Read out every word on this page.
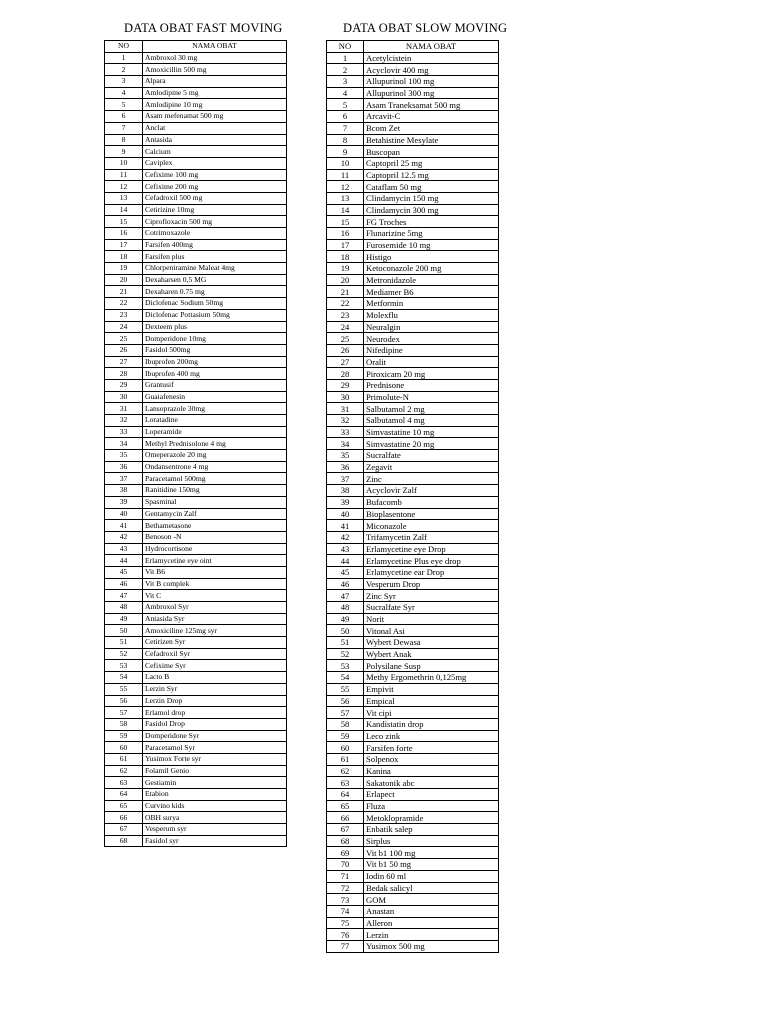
DATA OBAT FAST MOVING	DATA OBAT SLOW MOVING
NO	NAMA OBAT
1	Ambroxol 30 mg
2	Amoxicillin 500 mg
3	Alpara
4	Amlodipine 5 mg
5	Amlodipine 10 mg
6	Asam mefenamat 500 mg
7	Anclat
8	Antasida
9	Calcium
10	Caviplex
11	Cefixime 100 mg
12	Cefixime 200 mg
13	Cefadroxil 500 mg
14	Cetirizine 10mg
15	Ciprofloxacin 500 mg
16	Cotrimoxazole
17	Farsifen 400mg
18	Farsifen plus
19	Chlorpeniramine Maleat 4mg
20	Dexaharsen 0,5 MG
21	Dexaharen 0.75 mg
22	Diclofenac Sodium 50mg
23	Diclofenac Pottasium 50mg
24	Dexteem plus
25	Domperidone 10mg
26	Fasidol 500mg
27	Ibuprofen 200mg
28	Ibuprofen 400 mg
29	Grantusif
30	Guaiafenesin
31	Lansoprazole 30mg
32	Loratadine
33	Loperamide
34	Methyl Prednisolone 4 mg
35	Omeperazole 20 mg
36	Ondansentrone 4 mg
37	Paracetamol 500mg
38	Ranitidine 150mg
39	Spasminal
40	Gentamycin Zalf
41	Bethametasone
42	Benoson -N
43	Hydrocortisone
44	Erlamycetine eye oint
45	Vit B6
46	Vit B complek
47	Vit C
48	Ambroxol Syr
49	Antasida Syr
50	Amoxiciline 125mg syr
51	Cetirizen Syr
52	Cefadroxil Syr
53	Cefixime Syr
54	Lacto B
55	Lerzin Syr
56	Lerzin Drop
57	Erlamol drop
58	Fasidol Drop
59	Domperidone Syr
60	Paracetamol Syr
61	Yusimox Forte syr
62	Folamil Genio
63	Gestiamin
64	Etabion
65	Curvino kids
66	OBH surya
67	Vesperum syr
68	Fasidol syr
NO	NAMA OBAT
1	Acetylcistein
2	Acyclovir 400 mg
3	Allupurinol 100 mg
4	Allupurinol 300 mg
5	Asam Traneksamat 500 mg
6	Arcavit-C
7	Bcom Zet
8	Betahistine Mesylate
9	Buscopan
10	Captopril 25 mg
11	Captopril 12.5 mg
12	Cataflam 50 mg
13	Clindamycin 150 mg
14	Clindamycin 300 mg
15	FG Troches
16	Flunarizine 5mg
17	Furosemide 10 mg
18	Histigo
19	Ketoconazole 200 mg
20	Metronidazole
21	Mediamer B6
22	Metformin
23	Molexflu
24	Neuralgin
25	Neurodex
26	Nifedipine
27	Oralit
28	Piroxicam 20 mg
29	Prednisone
30	Primolute-N
31	Salbutamol 2 mg
32	Salbutamol 4 mg
33	Simvastatine 10 mg
34	Simvastatine 20 mg
35	Sucralfate
36	Zegavit
37	Zinc
38	Acyclovir Zalf
39	Bufacomb
40	Bioplasentone
41	Miconazole
42	Trifamycetin Zalf
43	Erlamycetine eye Drop
44	Erlamycetine Plus eye drop
45	Erlamycetine ear Drop
46	Vesperum Drop
47	Zinc Syr
48	Sucralfate Syr
49	Norit
50	Vitonal Asi
51	Wybert Dewasa
52	Wybert Anak
53	Polysilane Susp
54	Methy Ergomethrin 0,125mg
55	Empivit
56	Empical
57	Vit cipi
58	Kandistatin drop
59	Leco zink
60	Farsifen forte
61	Solpenox
62	Kanina
63	Sakatonik abc
64	Erlapect
65	Fluza
66	Metoklopramide
67	Enbatik salep
68	Sirplus
69	Vit b1 100 mg
70	Vit b1 50 mg
71	Iodin 60 ml
72	Bedak salicyl
73	GOM
74	Anastan
75	Alleron
76	Lerzin
77	Yusimox 500 mg
